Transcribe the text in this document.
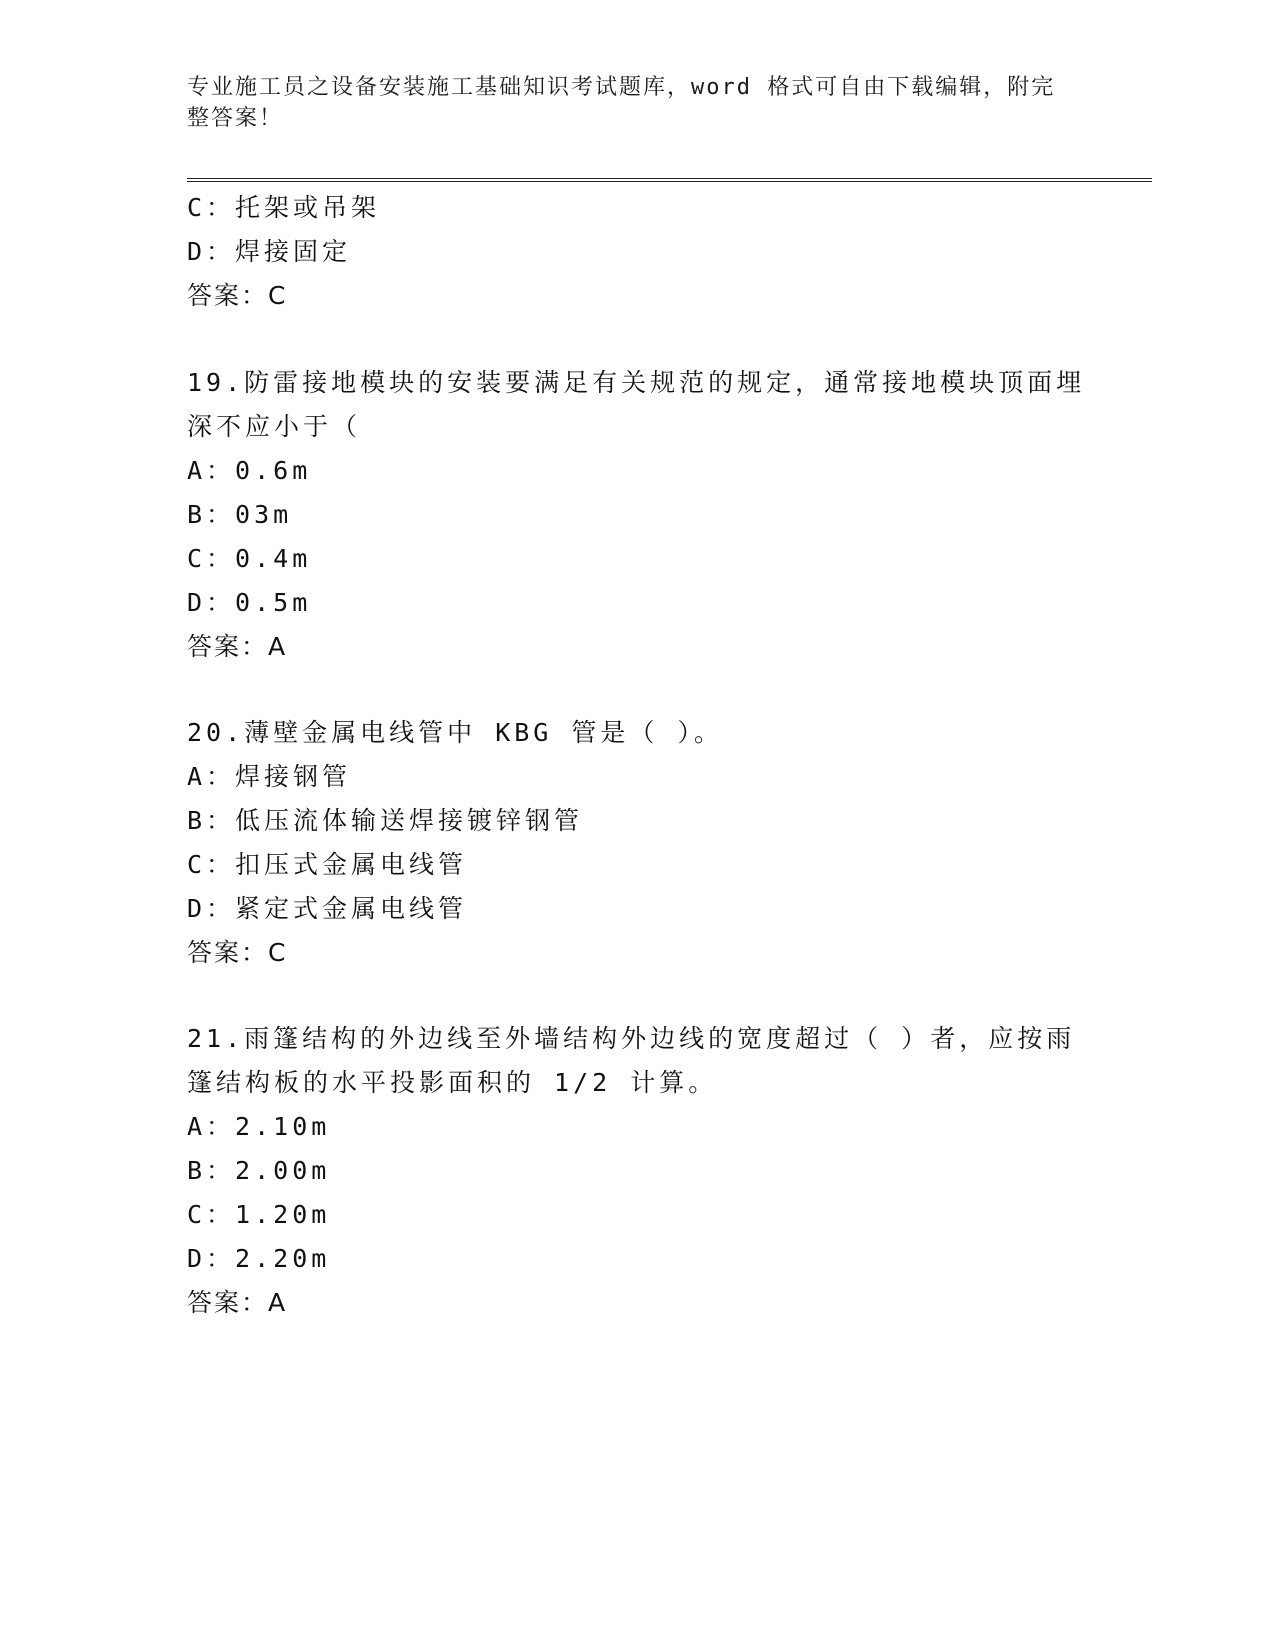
专业施工员之设备安装施工基础知识考试题库，word 格式可自由下载编辑，附完
整答案！
C：托架或吊架
D：焊接固定
答案：C
19.防雷接地模块的安装要满足有关规范的规定，通常接地模块顶面埋
深不应小于（
A：0.6m
B：03m
C：0.4m
D：0.5m
答案：A
20.薄壁金属电线管中 KBG 管是（ ）。
A：焊接钢管
B：低压流体输送焊接镀锌钢管
C：扣压式金属电线管
D：紧定式金属电线管
答案：C
21.雨篷结构的外边线至外墙结构外边线的宽度超过（ ）者，应按雨
篷结构板的水平投影面积的 1/2 计算。
A：2.10m
B：2.00m
C：1.20m
D：2.20m
答案：A
